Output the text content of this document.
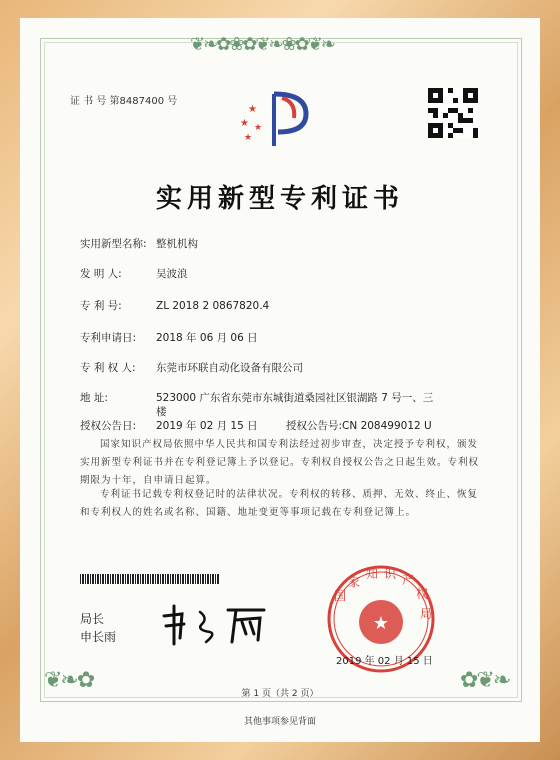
❦❧✿❀✿❦❧❀✿❦❧
❦❧✿	✿❦❧
证 书 号 第8487400 号
★
★ ★
★
实用新型专利证书
实用新型名称: 整机机构
发 明 人:	吴波浪
专 利 号:	ZL 2018 2 0867820.4
专利申请日: 2018 年 06 月 06 日
专 利 权 人: 东莞市环联自动化设备有限公司
地 址:	523000 广东省东莞市东城街道桑园社区银湖路 7 号一、三
楼
授权公告日: 2019 年 02 月 15 日	授权公告号:CN 208499012 U
国家知识产权局依照中华人民共和国专利法经过初步审查，决定授予专利权，颁发实用新型专利证书并在专利登记簿上予以登记。专利权自授权公告之日起生效。专利权期限为十年，自申请日起算。
专利证书记载专利权登记时的法律状况。专利权的转移、质押、无效、终止、恢复和专利权人的姓名或名称、国籍、地址变更等事项记载在专利登记簿上。
局长
申长雨
★
国
家
知 识 产
权
局
2019 年 02 月 15 日
第 1 页（共 2 页）
其他事项参见背面
